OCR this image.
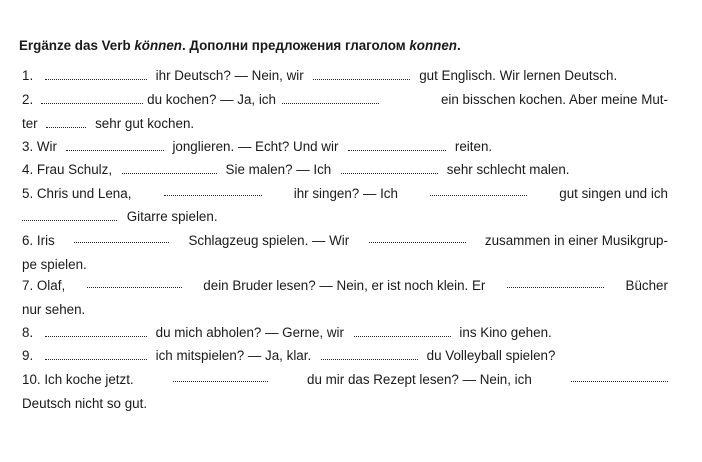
Ergänze das Verb können. Дополни предложения глаголом konnen.
1.	ihr Deutsch? — Nein, wir	gut Englisch. Wir lernen Deutsch.
2.	du kochen? — Ja, ich	ein bisschen kochen. Aber meine Mut-
ter	sehr gut kochen.
3. Wir	jonglieren. — Echt? Und wir	reiten.
4. Frau Schulz,	Sie malen? — Ich	sehr schlecht malen.
5. Chris und Lena,	ihr singen? — Ich	gut singen und ich
Gitarre spielen.
6. Iris	Schlagzeug spielen. — Wir	zusammen in einer Musikgrup-
pe spielen.
7. Olaf,	dein Bruder lesen? — Nein, er ist noch klein. Er	Bücher
nur sehen.
8.	du mich abholen? — Gerne, wir	ins Kino gehen.
9.	ich mitspielen? — Ja, klar.	du Volleyball spielen?
10. Ich koche jetzt.	du mir das Rezept lesen? — Nein, ich
Deutsch nicht so gut.
